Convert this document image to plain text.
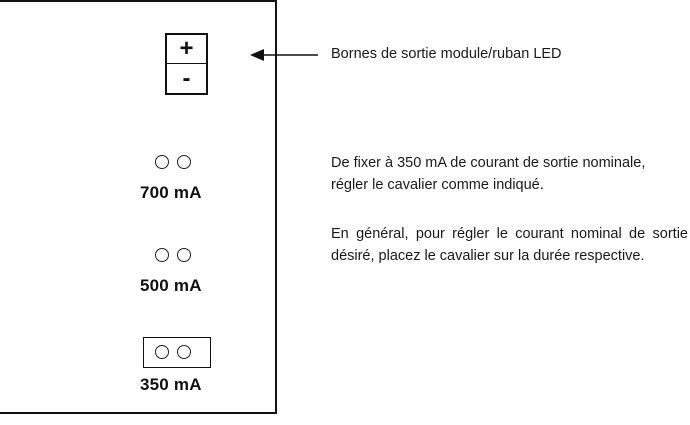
+
-
Bornes de sortie module/ruban LED
700 mA
500 mA
350 mA
De fixer à 350 mA de courant de sortie nominale,
régler le cavalier comme indiqué.
En général, pour régler le courant nominal de sortie désiré, placez le cavalier sur la durée respective.
